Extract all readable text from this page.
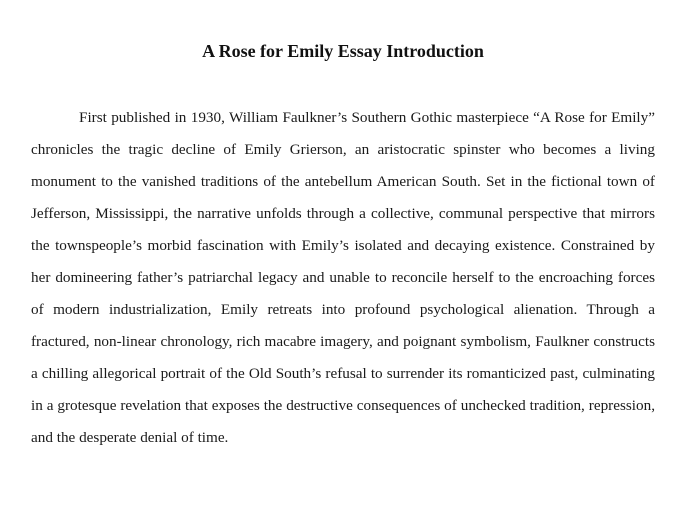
A Rose for Emily Essay Introduction

First published in 1930, William Faulkner’s Southern Gothic masterpiece “A Rose for Emily” chronicles the tragic decline of Emily Grierson, an aristocratic spinster who becomes a living monument to the vanished traditions of the antebellum American South. Set in the fictional town of Jefferson, Mississippi, the narrative unfolds through a collective, communal perspective that mirrors the townspeople’s morbid fascination with Emily’s isolated and decaying existence. Constrained by her domineering father’s patriarchal legacy and unable to reconcile herself to the encroaching forces of modern industrialization, Emily retreats into profound psychological alienation. Through a fractured, non-linear chronology, rich macabre imagery, and poignant symbolism, Faulkner constructs a chilling allegorical portrait of the Old South’s refusal to surrender its romanticized past, culminating in a grotesque revelation that exposes the destructive consequences of unchecked tradition, repression, and the desperate denial of time.
